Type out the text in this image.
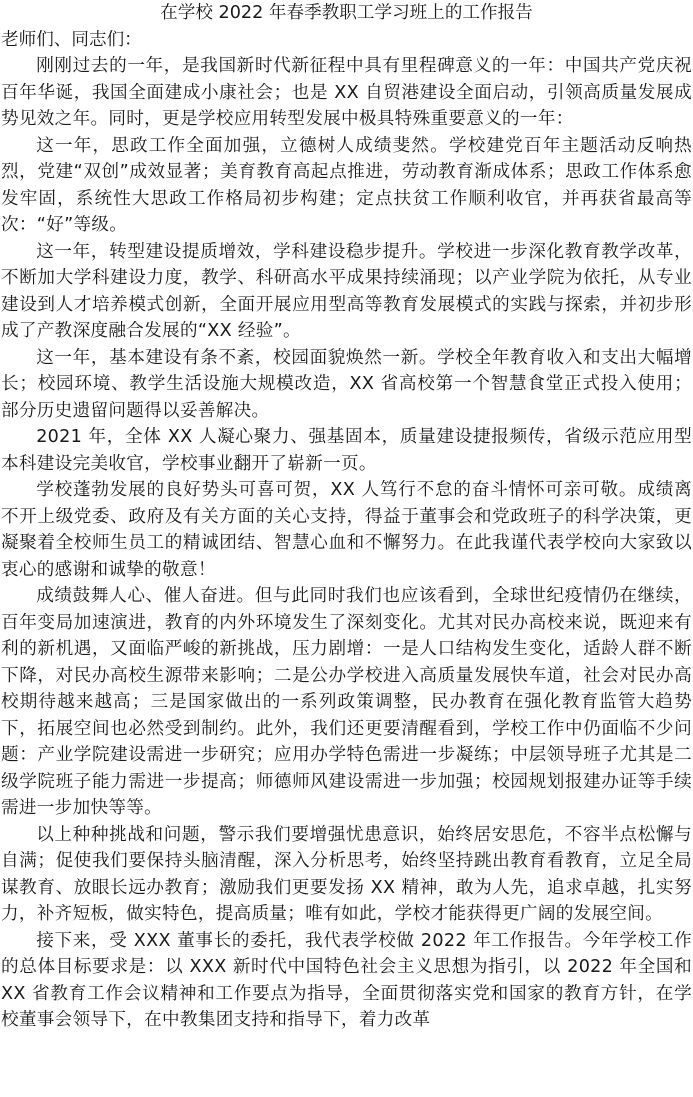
在学校 2022 年春季教职工学习班上的工作报告

老师们、同志们：

刚刚过去的一年，是我国新时代新征程中具有里程碑意义的一年：中国共产党庆祝百年华诞，我国全面建成小康社会；也是 XX 自贸港建设全面启动，引领高质量发展成势见效之年。同时，更是学校应用转型发展中极具特殊重要意义的一年：

这一年，思政工作全面加强，立德树人成绩斐然。学校建党百年主题活动反响热烈，党建“双创”成效显著；美育教育高起点推进，劳动教育渐成体系；思政工作体系愈发牢固，系统性大思政工作格局初步构建；定点扶贫工作顺利收官，并再获省最高等次：“好”等级。

这一年，转型建设提质增效，学科建设稳步提升。学校进一步深化教育教学改革，不断加大学科建设力度，教学、科研高水平成果持续涌现；以产业学院为依托，从专业建设到人才培养模式创新，全面开展应用型高等教育发展模式的实践与探索，并初步形成了产教深度融合发展的“XX 经验”。

这一年，基本建设有条不紊，校园面貌焕然一新。学校全年教育收入和支出大幅增长；校园环境、教学生活设施大规模改造，XX 省高校第一个智慧食堂正式投入使用；部分历史遗留问题得以妥善解决。

2021 年，全体 XX 人凝心聚力、强基固本，质量建设捷报频传，省级示范应用型本科建设完美收官，学校事业翻开了崭新一页。

学校蓬勃发展的良好势头可喜可贺，XX 人笃行不怠的奋斗情怀可亲可敬。成绩离不开上级党委、政府及有关方面的关心支持，得益于董事会和党政班子的科学决策，更凝聚着全校师生员工的精诚团结、智慧心血和不懈努力。在此我谨代表学校向大家致以衷心的感谢和诚挚的敬意！

成绩鼓舞人心、催人奋进。但与此同时我们也应该看到，全球世纪疫情仍在继续，百年变局加速演进，教育的内外环境发生了深刻变化。尤其对民办高校来说，既迎来有利的新机遇，又面临严峻的新挑战，压力剧增：一是人口结构发生变化，适龄人群不断下降，对民办高校生源带来影响；二是公办学校进入高质量发展快车道，社会对民办高校期待越来越高；三是国家做出的一系列政策调整，民办教育在强化教育监管大趋势下，拓展空间也必然受到制约。此外，我们还更要清醒看到，学校工作中仍面临不少问题：产业学院建设需进一步研究；应用办学特色需进一步凝练；中层领导班子尤其是二级学院班子能力需进一步提高；师德师风建设需进一步加强；校园规划报建办证等手续需进一步加快等等。

以上种种挑战和问题，警示我们要增强忧患意识，始终居安思危，不容半点松懈与自满；促使我们要保持头脑清醒，深入分析思考，始终坚持跳出教育看教育，立足全局谋教育、放眼长远办教育；激励我们更要发扬 XX 精神，敢为人先，追求卓越，扎实努力，补齐短板，做实特色，提高质量；唯有如此，学校才能获得更广阔的发展空间。

接下来，受 XXX 董事长的委托，我代表学校做 2022 年工作报告。今年学校工作的总体目标要求是：以 XXX 新时代中国特色社会主义思想为指引，以 2022 年全国和 XX 省教育工作会议精神和工作要点为指导，全面贯彻落实党和国家的教育方针，在学校董事会领导下，在中教集团支持和指导下，着力改革
